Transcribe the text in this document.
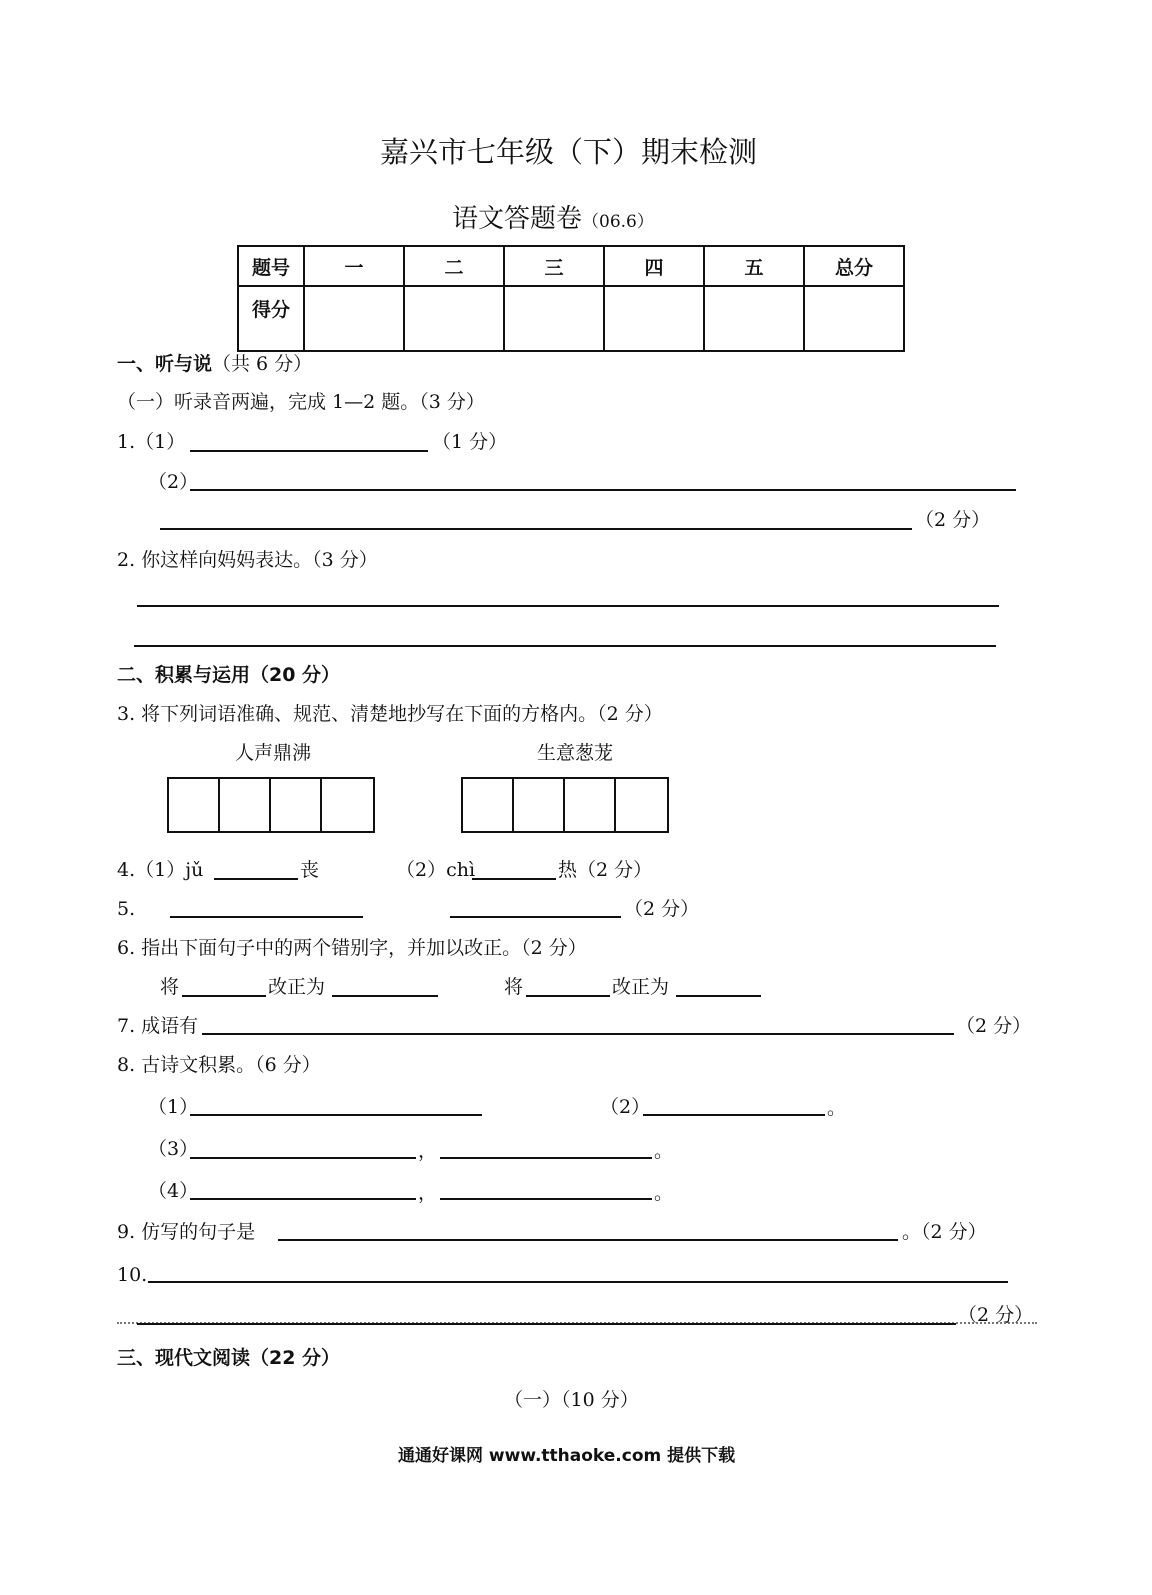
嘉兴市七年级（下）期末检测
语文答题卷（06.6）
题号	一	二	三	四	五	总分
得分						
一、听与说（共 6 分）
（一）听录音两遍，完成 1—2 题。（3 分）
1.（1）	（1 分）
（2）
（2 分）
2. 你这样向妈妈表达。（3 分）
二、积累与运用（20 分）
3. 将下列词语准确、规范、清楚地抄写在下面的方格内。（2 分）
人声鼎沸	生意葱茏
4.（1）jǔ	丧	（2）chì	热（2 分）
5.	（2 分）
6. 指出下面句子中的两个错别字，并加以改正。（2 分）
将	改正为	将	改正为
7. 成语有	（2 分）
8. 古诗文积累。（6 分）
（1）	（2）	。
（3）	，	。
（4）	，	。
9. 仿写的句子是	。（2 分）
10.
（2 分）
三、现代文阅读（22 分）
（一）（10 分）
通通好课网 www.tthaoke.com 提供下载
